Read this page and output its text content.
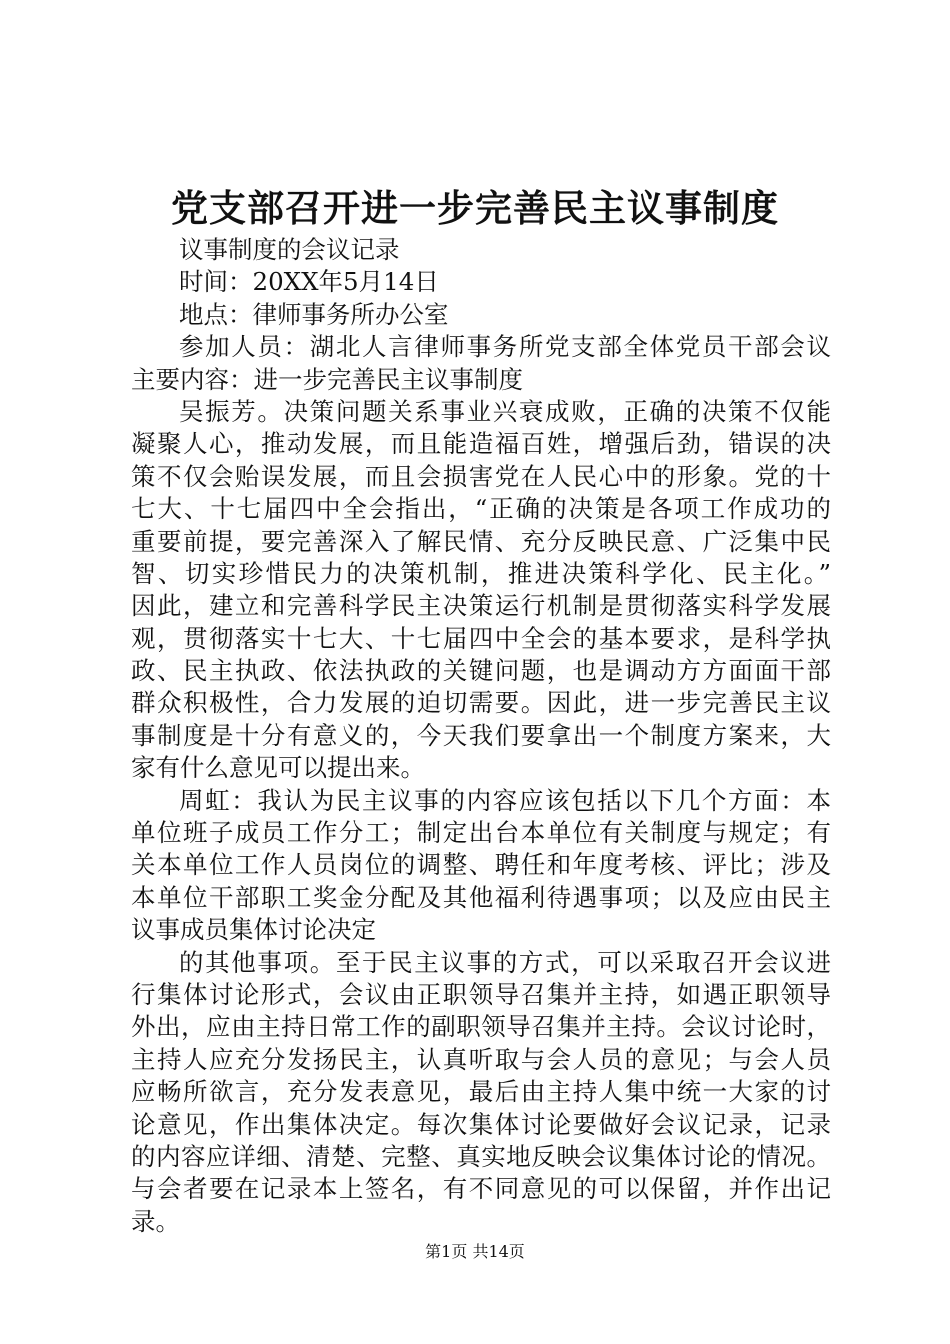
党支部召开进一步完善民主议事制度
议事制度的会议记录
时间：20XX年5月14日
地点：律师事务所办公室
参加人员：湖北人言律师事务所党支部全体党员干部会议
主要内容：进一步完善民主议事制度
吴振芳。决策问题关系事业兴衰成败，正确的决策不仅能
凝聚人心，推动发展，而且能造福百姓，增强后劲，错误的决
策不仅会贻误发展，而且会损害党在人民心中的形象。党的十
七大、十七届四中全会指出，“正确的决策是各项工作成功的
重要前提，要完善深入了解民情、充分反映民意、广泛集中民
智、切实珍惜民力的决策机制，推进决策科学化、民主化。”
因此，建立和完善科学民主决策运行机制是贯彻落实科学发展
观，贯彻落实十七大、十七届四中全会的基本要求，是科学执
政、民主执政、依法执政的关键问题，也是调动方方面面干部
群众积极性，合力发展的迫切需要。因此，进一步完善民主议
事制度是十分有意义的，今天我们要拿出一个制度方案来，大
家有什么意见可以提出来。
周虹：我认为民主议事的内容应该包括以下几个方面：本
单位班子成员工作分工；制定出台本单位有关制度与规定；有
关本单位工作人员岗位的调整、聘任和年度考核、评比；涉及
本单位干部职工奖金分配及其他福利待遇事项；以及应由民主
议事成员集体讨论决定
的其他事项。至于民主议事的方式，可以采取召开会议进
行集体讨论形式，会议由正职领导召集并主持，如遇正职领导
外出，应由主持日常工作的副职领导召集并主持。会议讨论时，
主持人应充分发扬民主，认真听取与会人员的意见；与会人员
应畅所欲言，充分发表意见，最后由主持人集中统一大家的讨
论意见，作出集体决定。每次集体讨论要做好会议记录，记录
的内容应详细、清楚、完整、真实地反映会议集体讨论的情况。
与会者要在记录本上签名，有不同意见的可以保留，并作出记
录。
第1页 共14页
